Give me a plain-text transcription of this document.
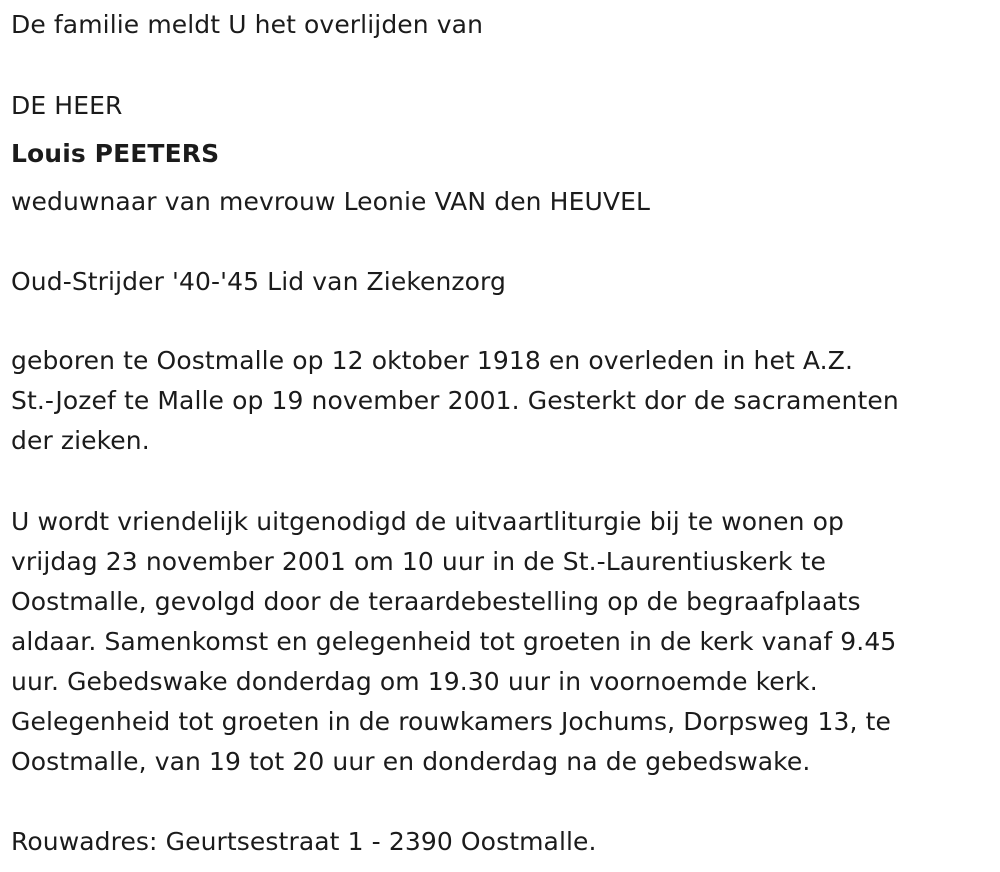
De familie meldt U het overlijden van
DE HEER
Louis PEETERS
weduwnaar van mevrouw Leonie VAN den HEUVEL
Oud-Strijder '40-'45 Lid van Ziekenzorg
geboren te Oostmalle op 12 oktober 1918 en overleden in het A.Z.
St.-Jozef te Malle op 19 november 2001. Gesterkt dor de sacramenten
der zieken.
U wordt vriendelijk uitgenodigd de uitvaartliturgie bij te wonen op
vrijdag 23 november 2001 om 10 uur in de St.-Laurentiuskerk te
Oostmalle, gevolgd door de teraardebestelling op de begraafplaats
aldaar. Samenkomst en gelegenheid tot groeten in de kerk vanaf 9.45
uur. Gebedswake donderdag om 19.30 uur in voornoemde kerk.
Gelegenheid tot groeten in de rouwkamers Jochums, Dorpsweg 13, te
Oostmalle, van 19 tot 20 uur en donderdag na de gebedswake.
Rouwadres: Geurtsestraat 1 - 2390 Oostmalle.
